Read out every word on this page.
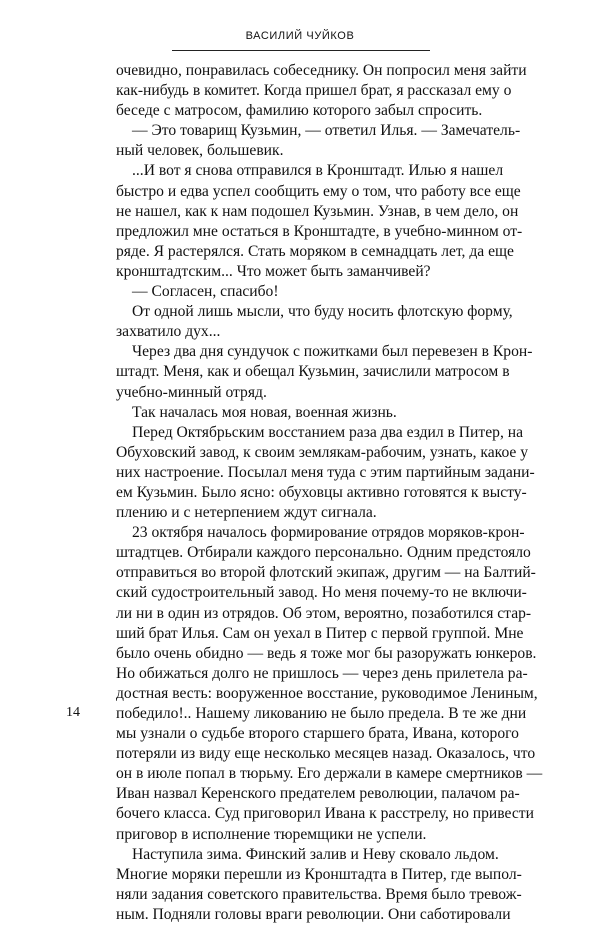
ВАСИЛИЙ ЧУЙКОВ
очевидно, понравилась собеседнику. Он попросил меня зайти
как-нибудь в комитет. Когда пришел брат, я рассказал ему о
беседе с матросом, фамилию которого забыл спросить.
— Это товарищ Кузьмин, — ответил Илья. — Замечатель-
ный человек, большевик.
...И вот я снова отправился в Кронштадт. Илью я нашел
быстро и едва успел сообщить ему о том, что работу все еще
не нашел, как к нам подошел Кузьмин. Узнав, в чем дело, он
предложил мне остаться в Кронштадте, в учебно-минном от-
ряде. Я растерялся. Стать моряком в семнадцать лет, да еще
кронштадтским... Что может быть заманчивей?
— Согласен, спасибо!
От одной лишь мысли, что буду носить флотскую форму,
захватило дух...
Через два дня сундучок с пожитками был перевезен в Крон-
штадт. Меня, как и обещал Кузьмин, зачислили матросом в
учебно-минный отряд.
Так началась моя новая, военная жизнь.
Перед Октябрьским восстанием раза два ездил в Питер, на
Обуховский завод, к своим землякам-рабочим, узнать, какое у
них настроение. Посылал меня туда с этим партийным задани-
ем Кузьмин. Было ясно: обуховцы активно готовятся к высту-
плению и с нетерпением ждут сигнала.
23 октября началось формирование отрядов моряков-крон-
штадтцев. Отбирали каждого персонально. Одним предстояло
отправиться во второй флотский экипаж, другим — на Балтий-
ский судостроительный завод. Но меня почему-то не включи-
ли ни в один из отрядов. Об этом, вероятно, позаботился стар-
ший брат Илья. Сам он уехал в Питер с первой группой. Мне
было очень обидно — ведь я тоже мог бы разоружать юнкеров.
Но обижаться долго не пришлось — через день прилетела ра-
достная весть: вооруженное восстание, руководимое Лениным,
победило!.. Нашему ликованию не было предела. В те же дни
мы узнали о судьбе второго старшего брата, Ивана, которого
потеряли из виду еще несколько месяцев назад. Оказалось, что
он в июле попал в тюрьму. Его держали в камере смертников —
Иван назвал Керенского предателем революции, палачом ра-
бочего класса. Суд приговорил Ивана к расстрелу, но привести
приговор в исполнение тюремщики не успели.
Наступила зима. Финский залив и Неву сковало льдом.
Многие моряки перешли из Кронштадта в Питер, где выпол-
няли задания советского правительства. Время было тревож-
ным. Подняли головы враги революции. Они саботировали
14
